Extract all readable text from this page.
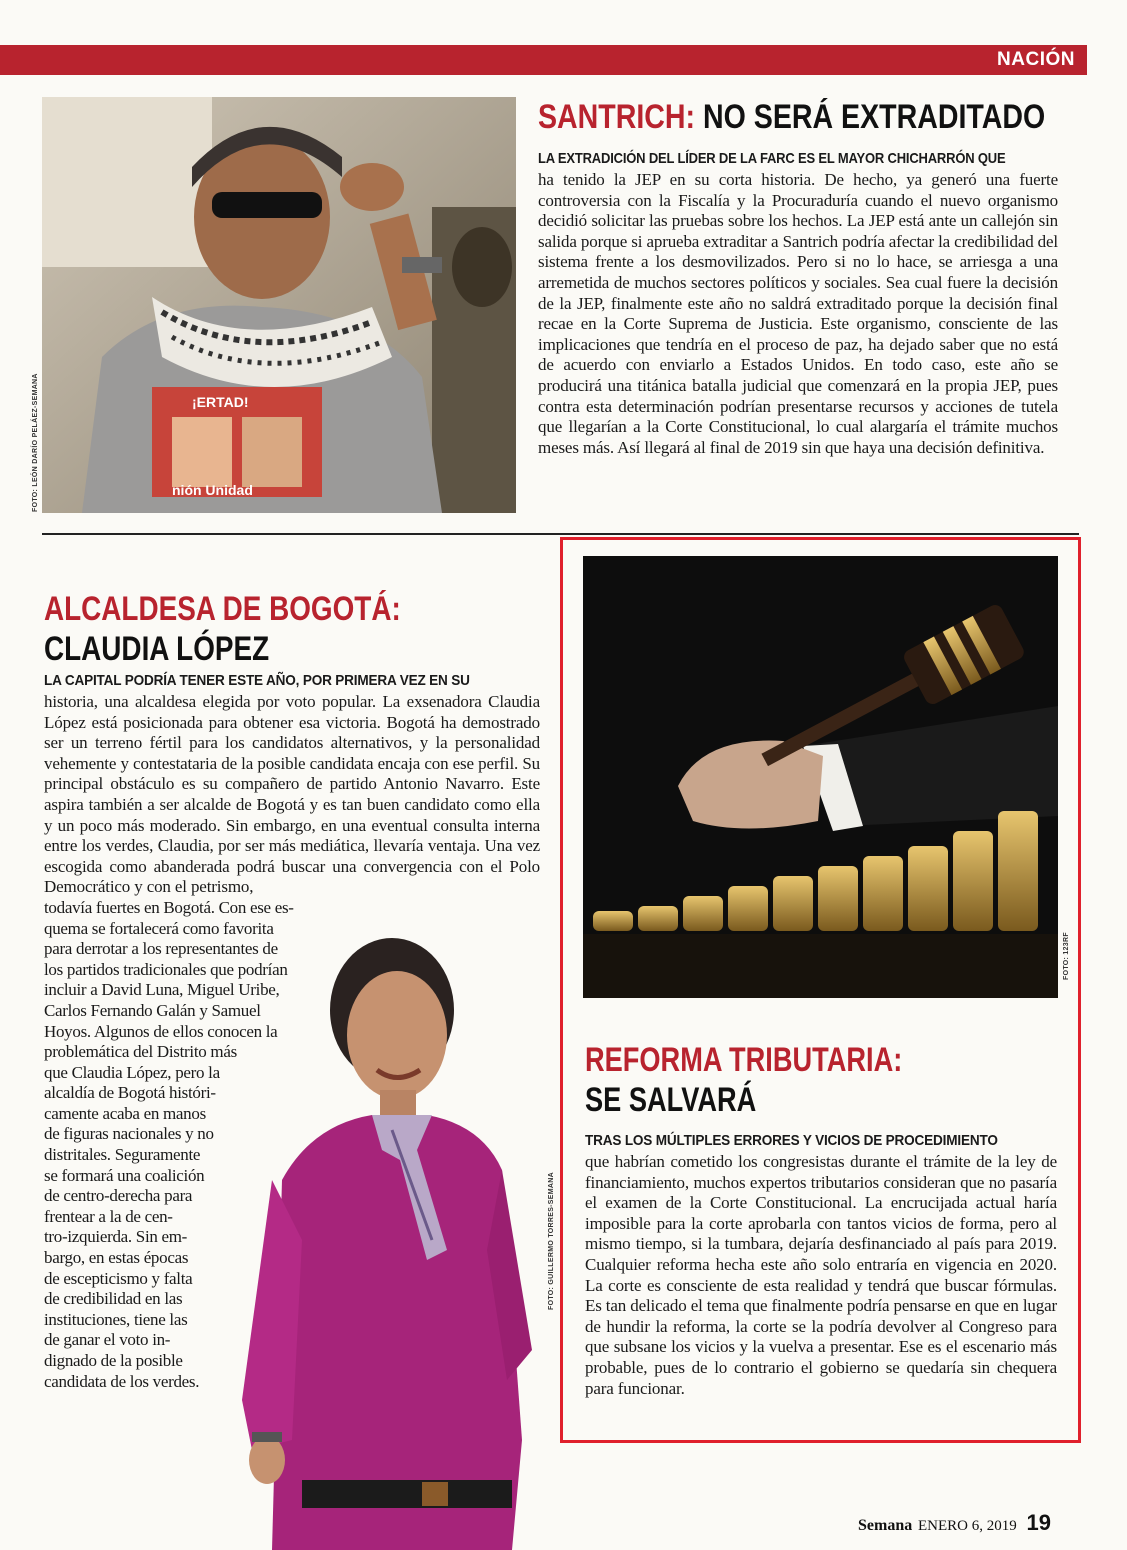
NACIÓN
¡ERTAD!
nión Unidad
FOTO: LEÓN DARÍO PELÁEZ-SEMANA
SANTRICH: NO SERÁ EXTRADITADO
LA EXTRADICIÓN DEL LÍDER DE LA FARC ES EL MAYOR CHICHARRÓN QUE

ha tenido la JEP en su corta historia. De hecho, ya generó una fuerte controversia con la Fiscalía y la Procuraduría cuando el nuevo organismo decidió solicitar las pruebas sobre los hechos. La JEP está ante un callejón sin salida porque si aprueba extraditar a Santrich podría afectar la credibilidad del sistema frente a los desmovilizados. Pero si no lo hace, se arriesga a una arremetida de muchos sectores políticos y sociales. Sea cual fuere la decisión de la JEP, finalmente este año no saldrá extraditado porque la decisión final recae en la Corte Suprema de Justicia. Este organismo, consciente de las implicaciones que tendría en el proceso de paz, ha dejado saber que no está de acuerdo con enviarlo a Estados Unidos. En todo caso, este año se producirá una titánica batalla judicial que comenzará en la propia JEP, pues contra esta determinación podrían presentarse recursos y acciones de tutela que llegarían a la Corte Constitucional, lo cual alargaría el trámite muchos meses más. Así llegará al final de 2019 sin que haya una decisión definitiva.

ALCALDESA DE BOGOTÁ:
CLAUDIA LÓPEZ
LA CAPITAL PODRÍA TENER ESTE AÑO, POR PRIMERA VEZ EN SU

historia, una alcaldesa elegida por voto popular. La exsenadora Claudia López está posicionada para obtener esa victoria. Bogotá ha demostrado ser un terreno fértil para los candidatos alternativos, y la personalidad vehemente y contestataria de la posible candidata encaja con ese perfil. Su principal obstáculo es su compañero de partido Antonio Navarro. Este aspira también a ser alcalde de Bogotá y es tan buen candidato como ella y un poco más moderado. Sin embargo, en una eventual consulta interna entre los verdes, Claudia, por ser más mediática, llevaría ventaja. Una vez escogida como abanderada podrá buscar una convergencia con el Polo Democrático y con el petrismo,

todavía fuertes en Bogotá. Con ese es-
quema se fortalecerá como favorita
para derrotar a los representantes de
los partidos tradicionales que podrían
incluir a David Luna, Miguel Uribe,
Carlos Fernando Galán y Samuel
Hoyos. Algunos de ellos conocen la
problemática del Distrito más
que Claudia López, pero la
alcaldía de Bogotá históri-
camente acaba en manos
de figuras nacionales y no
distritales. Seguramente
se formará una coalición
de centro-derecha para
frentear a la de cen-
tro-izquierda. Sin em-
bargo, en estas épocas
de escepticismo y falta
de credibilidad en las
instituciones, tiene las
de ganar el voto in-
dignado de la posible
candidata de los verdes.
FOTO: GUILLERMO TORRES-SEMANA
FOTO: 123RF
REFORMA TRIBUTARIA:
SE SALVARÁ
TRAS LOS MÚLTIPLES ERRORES Y VICIOS DE PROCEDIMIENTO

que habrían cometido los congresistas durante el trámite de la ley de financiamiento, muchos expertos tributarios consideran que no pasaría el examen de la Corte Constitucional. La encrucijada actual haría imposible para la corte aprobarla con tantos vicios de forma, pero al mismo tiempo, si la tumbara, dejaría desfinanciado al país para 2019. Cualquier reforma hecha este año solo entraría en vigencia en 2020. La corte es consciente de esta realidad y tendrá que buscar fórmulas. Es tan delicado el tema que finalmente podría pensarse en que en lugar de hundir la reforma, la corte se la podría devolver al Congreso para que subsane los vicios y la vuelva a presentar. Ese es el escenario más probable, pues de lo contrario el gobierno se quedaría sin chequera para funcionar.

Semana ENERO 6, 2019 19
